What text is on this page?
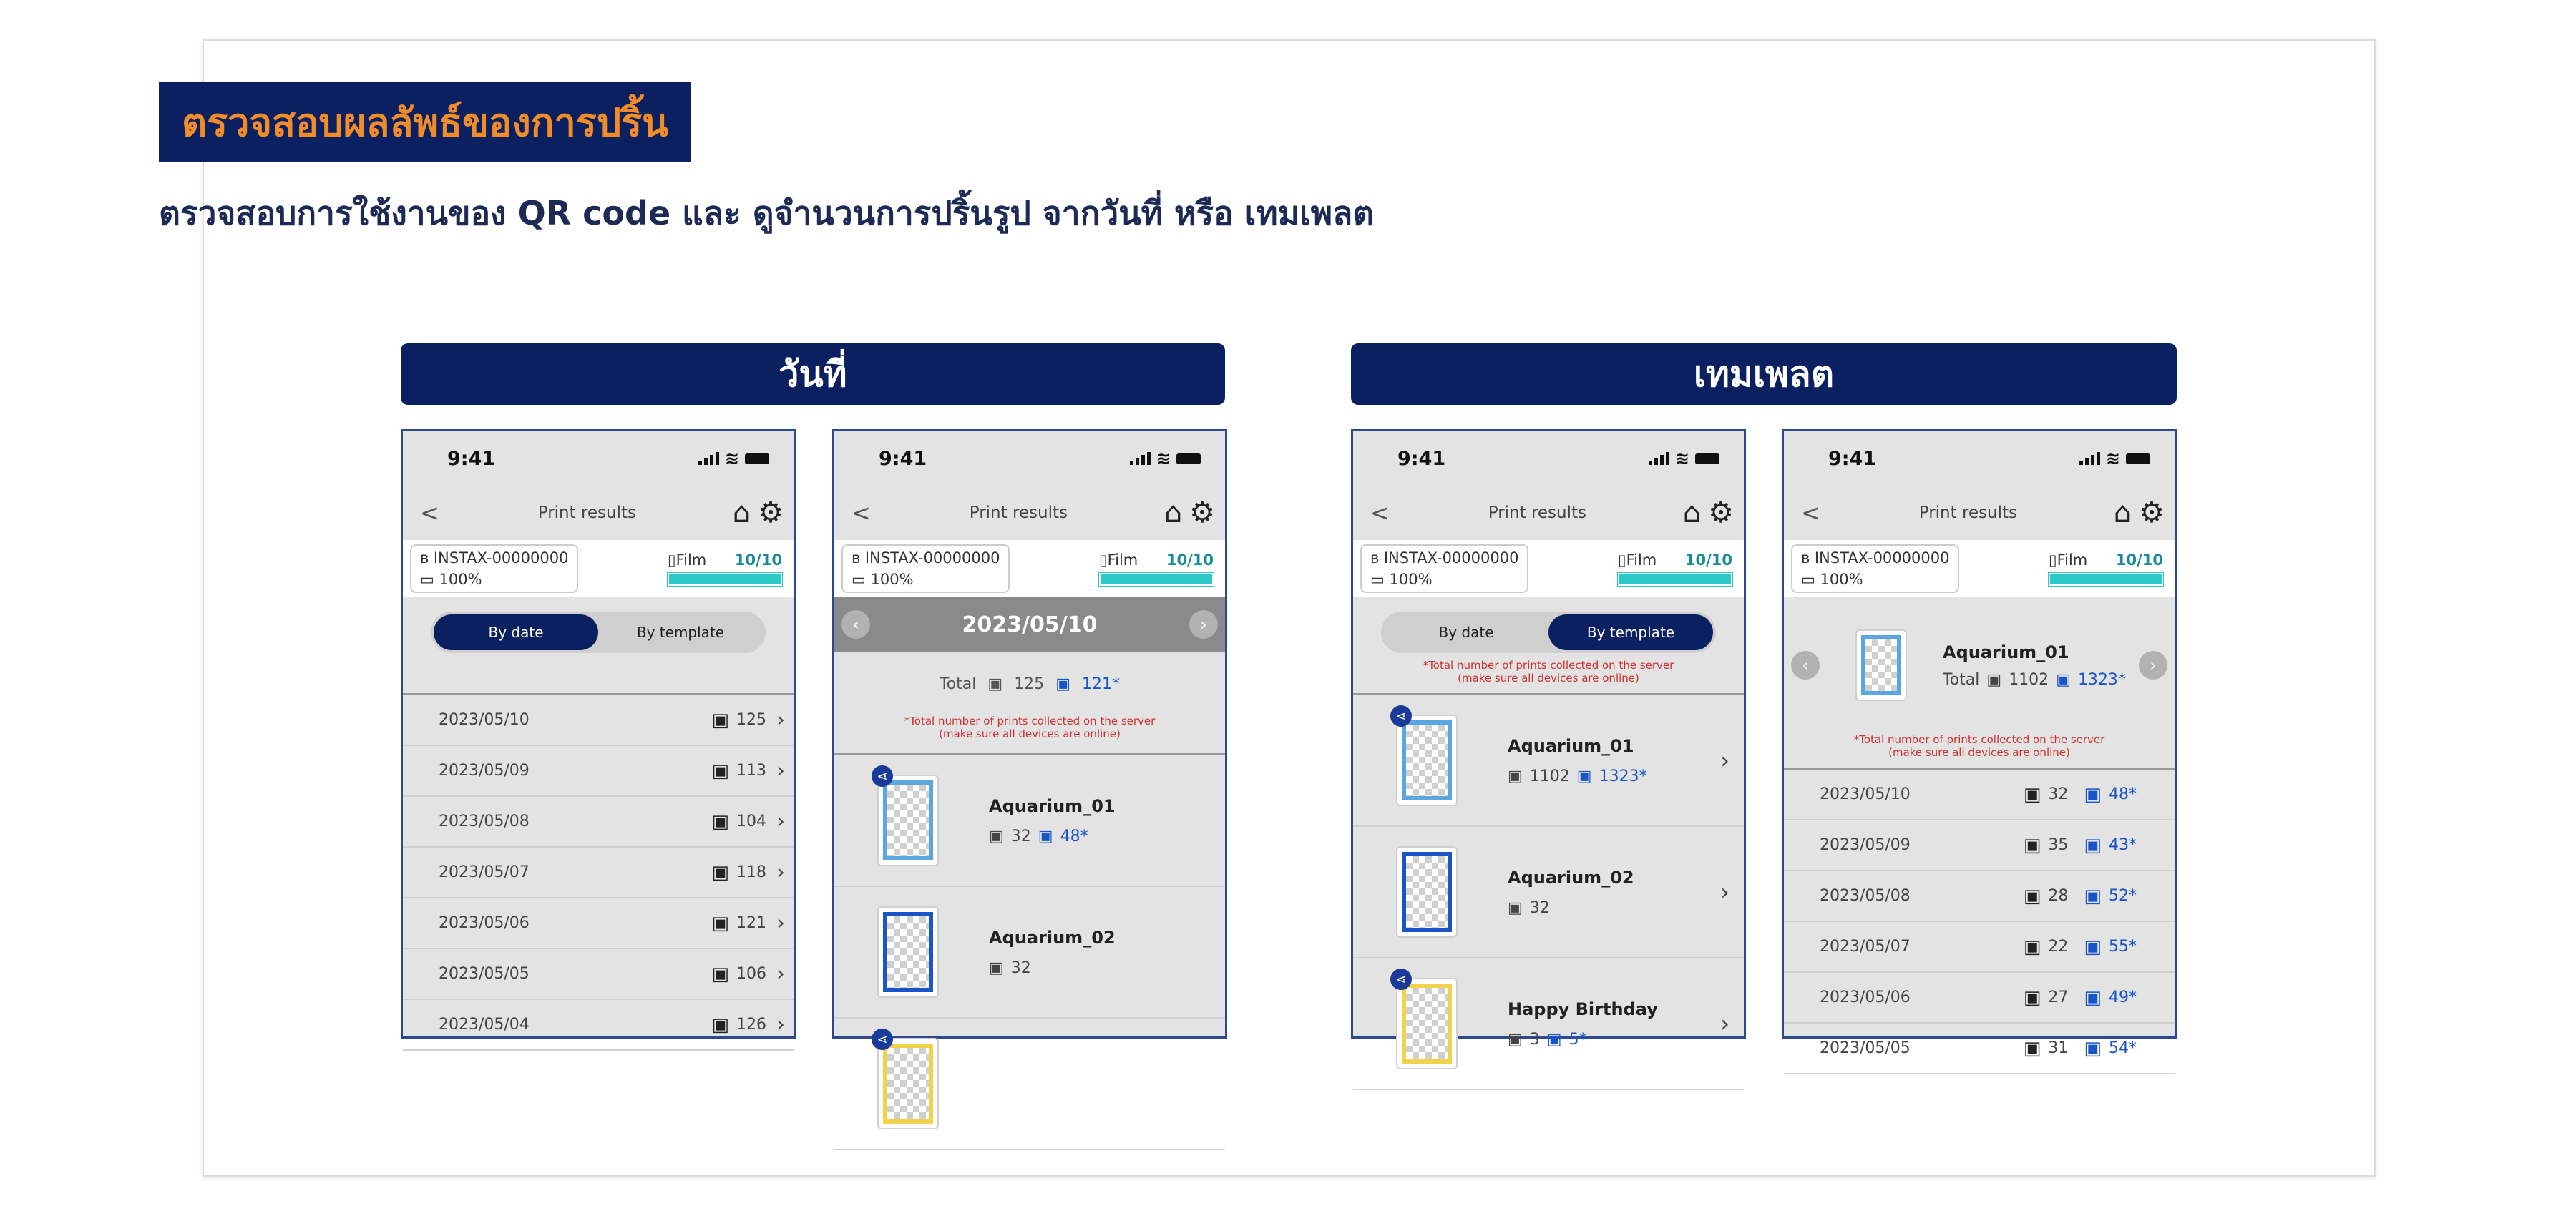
ตรวจสอบผลลัพธ์ของการปริ้น
ตรวจสอบการใช้งานของ QR code และ ดูจำนวนการปริ้นรูป จากวันที่ หรือ เทมเพลต
วันที่	เทมเพลต
9:41	≋
<	Print results	⌂ ⚙
ʙ INSTAX-00000000
▭ 100%
▯Film 10/10
By date	By template
2023/05/10	▣ 125 ›
2023/05/09	▣ 113 ›
2023/05/08	▣ 104 ›
2023/05/07	▣ 118 ›
2023/05/06	▣ 121 ›
2023/05/05	▣ 106 ›
2023/05/04	▣ 126 ›
9:41	≋
<	Print results	⌂ ⚙
ʙ INSTAX-00000000
▭ 100%
▯Film 10/10
‹	2023/05/10	›
Total ▣ 125 ▣ 121*
*Total number of prints collected on the server
(make sure all devices are online)
⋖
Aquarium_01
▣ 32 ▣ 48*
Aquarium_02
▣ 32
⋖
9:41	≋
<	Print results	⌂ ⚙
ʙ INSTAX-00000000
▭ 100%
▯Film 10/10
By date	By template
*Total number of prints collected on the server
(make sure all devices are online)
⋖
Aquarium_01
▣ 1102 ▣ 1323*
›
Aquarium_02
▣ 32
›
⋖
Happy Birthday
▣ 3 ▣ 5*
›
9:41	≋
<	Print results	⌂ ⚙
ʙ INSTAX-00000000
▭ 100%
▯Film 10/10
‹
Aquarium_01
Total ▣ 1102 ▣ 1323*
›
*Total number of prints collected on the server
(make sure all devices are online)
2023/05/10	▣ 32 ▣ 48*
2023/05/09	▣ 35 ▣ 43*
2023/05/08	▣ 28 ▣ 52*
2023/05/07	▣ 22 ▣ 55*
2023/05/06	▣ 27 ▣ 49*
2023/05/05	▣ 31 ▣ 54*
